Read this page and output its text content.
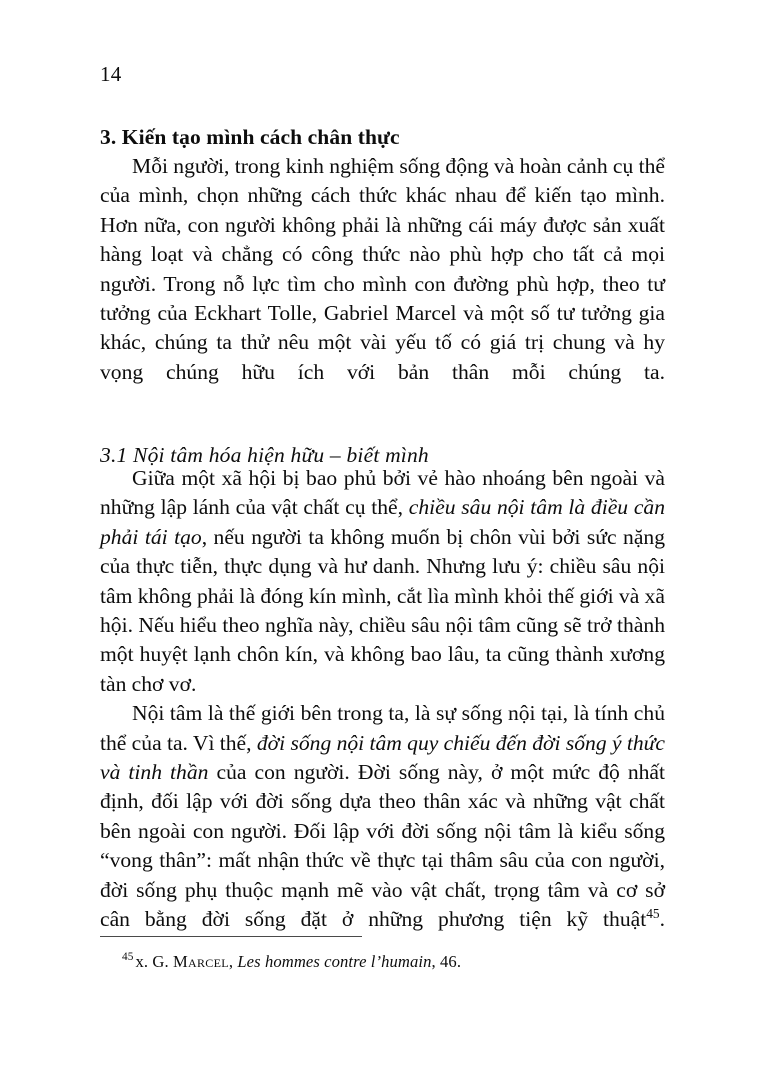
14
3. Kiến tạo mình cách chân thực

Mỗi người, trong kinh nghiệm sống động và hoàn cảnh cụ thể của mình, chọn những cách thức khác nhau để kiến tạo mình. Hơn nữa, con người không phải là những cái máy được sản xuất hàng loạt và chẳng có công thức nào phù hợp cho tất cả mọi người. Trong nỗ lực tìm cho mình con đường phù hợp, theo tư tưởng của Eckhart Tolle, Gabriel Marcel và một số tư tưởng gia khác, chúng ta thử nêu một vài yếu tố có giá trị chung và hy vọng chúng hữu ích với bản thân mỗi chúng ta.

3.1 Nội tâm hóa hiện hữu – biết mình

Giữa một xã hội bị bao phủ bởi vẻ hào nhoáng bên ngoài và những lập lánh của vật chất cụ thể, chiều sâu nội tâm là điều cần phải tái tạo, nếu người ta không muốn bị chôn vùi bởi sức nặng của thực tiễn, thực dụng và hư danh. Nhưng lưu ý: chiều sâu nội tâm không phải là đóng kín mình, cắt lìa mình khỏi thế giới và xã hội. Nếu hiểu theo nghĩa này, chiều sâu nội tâm cũng sẽ trở thành một huyệt lạnh chôn kín, và không bao lâu, ta cũng thành xương tàn chơ vơ.

Nội tâm là thế giới bên trong ta, là sự sống nội tại, là tính chủ thể của ta. Vì thế, đời sống nội tâm quy chiếu đến đời sống ý thức và tinh thần của con người. Đời sống này, ở một mức độ nhất định, đối lập với đời sống dựa theo thân xác và những vật chất bên ngoài con người. Đối lập với đời sống nội tâm là kiểu sống “vong thân”: mất nhận thức về thực tại thâm sâu của con người, đời sống phụ thuộc mạnh mẽ vào vật chất, trọng tâm và cơ sở cân bằng đời sống đặt ở những phương tiện kỹ thuật$^{45}$.

$^{45}$ x. G. Marcel, Les hommes contre l’humain, 46.
